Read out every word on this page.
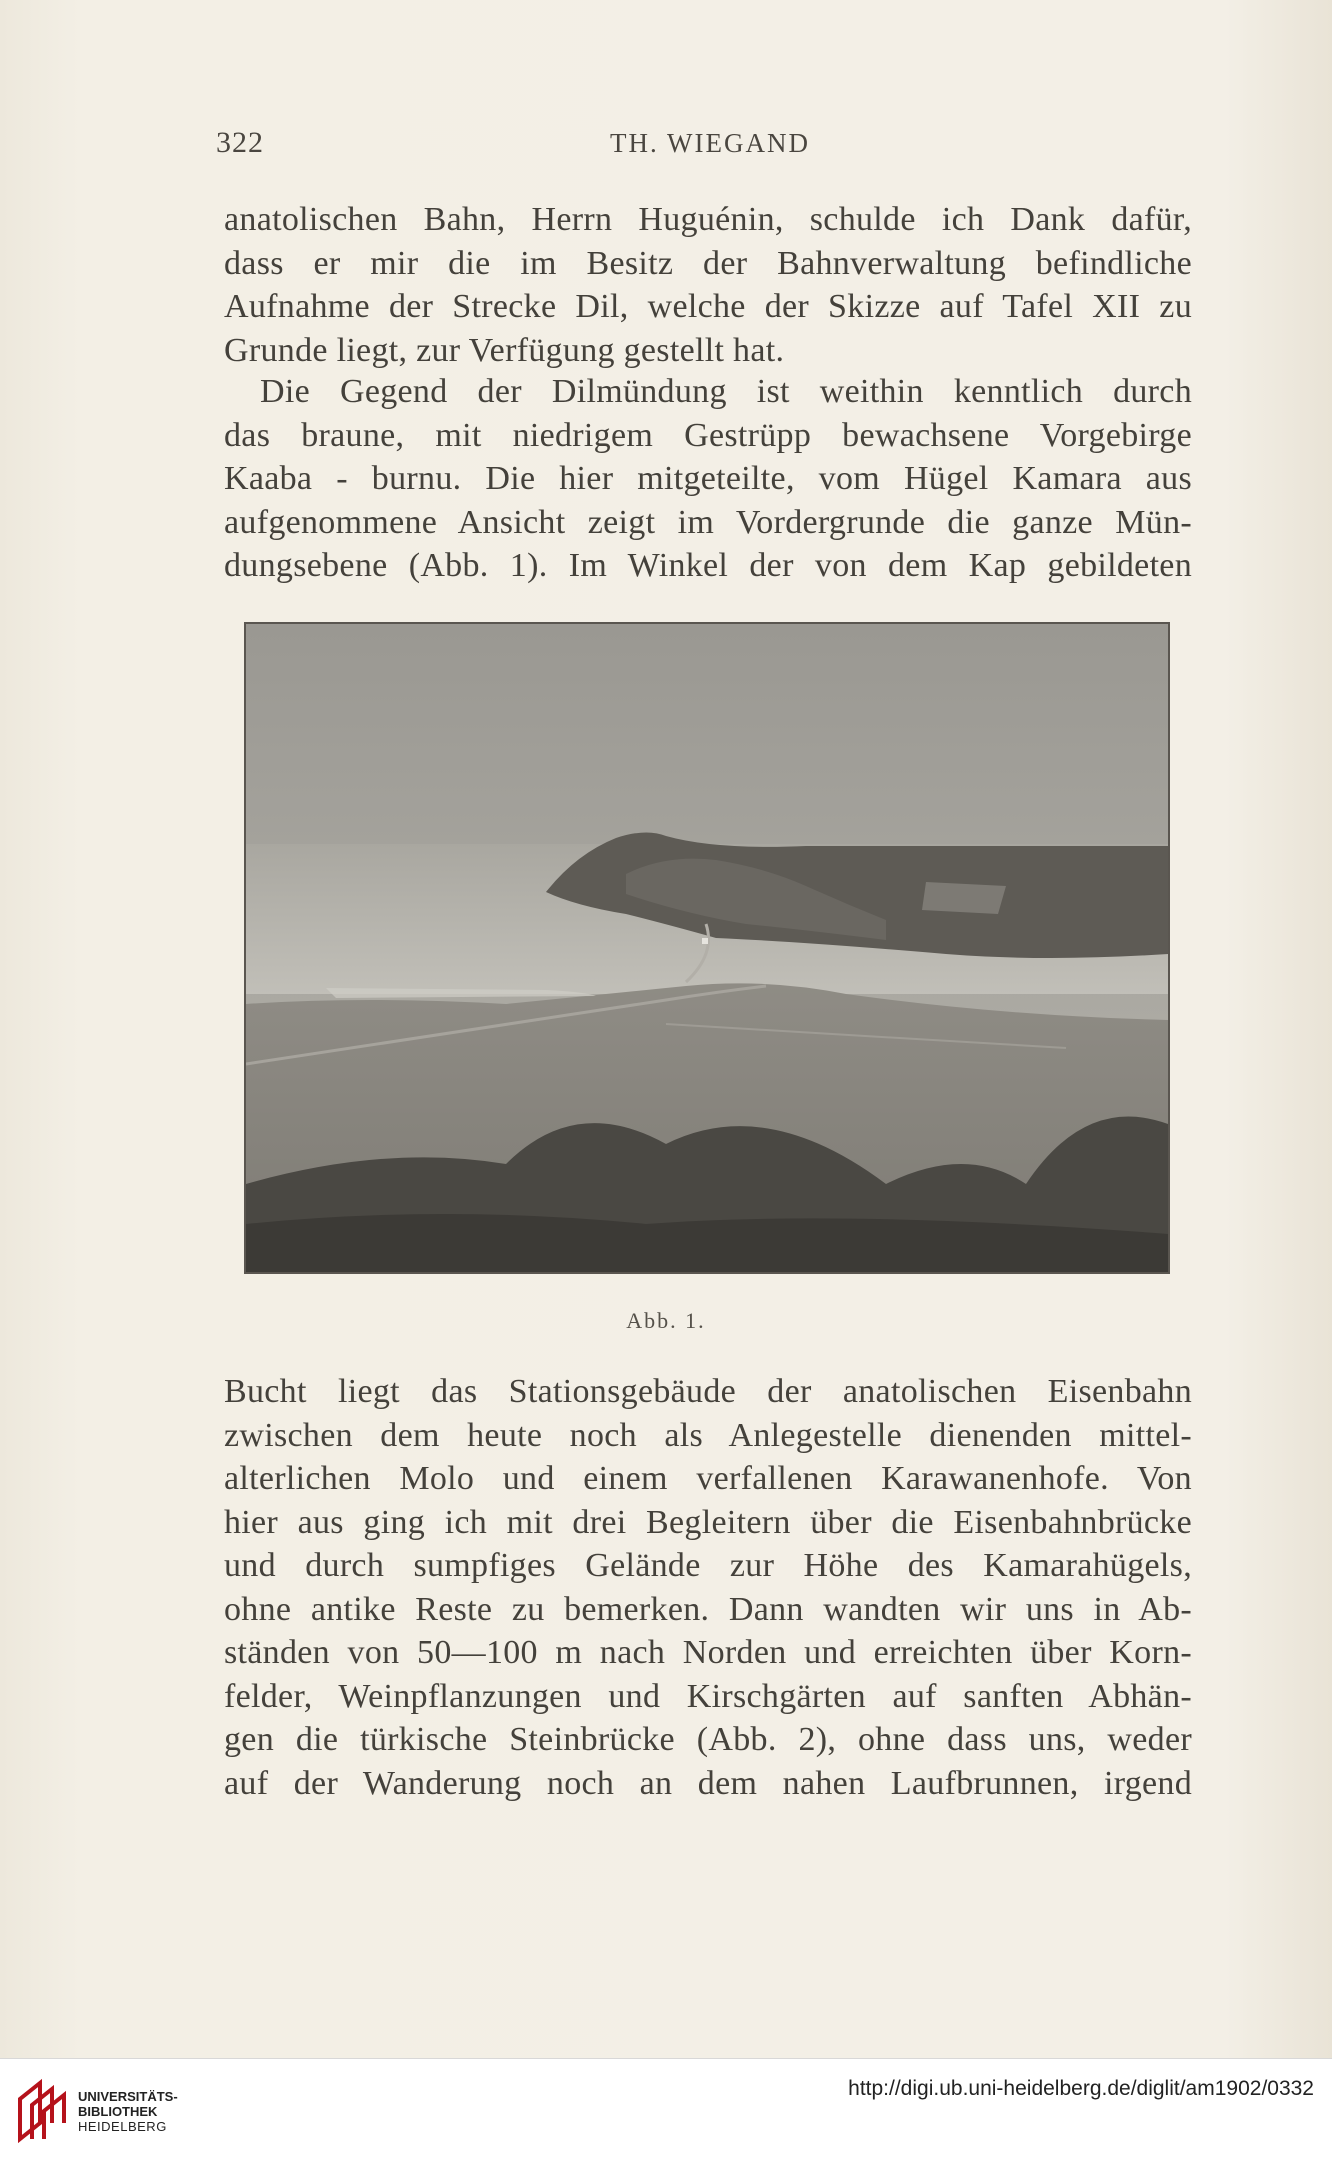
322	TH. WIEGAND
anatolischen Bahn, Herrn Huguénin, schulde ich Dank dafür,
dass er mir die im Besitz der Bahnverwaltung befindliche
Aufnahme der Strecke Dil, welche der Skizze auf Tafel XII zu
Grunde liegt, zur Verfügung gestellt hat.
Die Gegend der Dilmündung ist weithin kenntlich durch
das braune, mit niedrigem Gestrüpp bewachsene Vorgebirge
Kaaba - burnu. Die hier mitgeteilte, vom Hügel Kamara aus
aufgenommene Ansicht zeigt im Vordergrunde die ganze Mün-
dungsebene (Abb. 1). Im Winkel der von dem Kap gebildeten
Abb. 1.
Bucht liegt das Stationsgebäude der anatolischen Eisenbahn
zwischen dem heute noch als Anlegestelle dienenden mittel-
alterlichen Molo und einem verfallenen Karawanenhofe. Von
hier aus ging ich mit drei Begleitern über die Eisenbahnbrücke
und durch sumpfiges Gelände zur Höhe des Kamarahügels,
ohne antike Reste zu bemerken. Dann wandten wir uns in Ab-
ständen von 50—100 m nach Norden und erreichten über Korn-
felder, Weinpflanzungen und Kirschgärten auf sanften Abhän-
gen die türkische Steinbrücke (Abb. 2), ohne dass uns, weder
auf der Wanderung noch an dem nahen Laufbrunnen, irgend
UNIVERSITÄTS-
BIBLIOTHEK
HEIDELBERG
http://digi.ub.uni-heidelberg.de/diglit/am1902/0332
